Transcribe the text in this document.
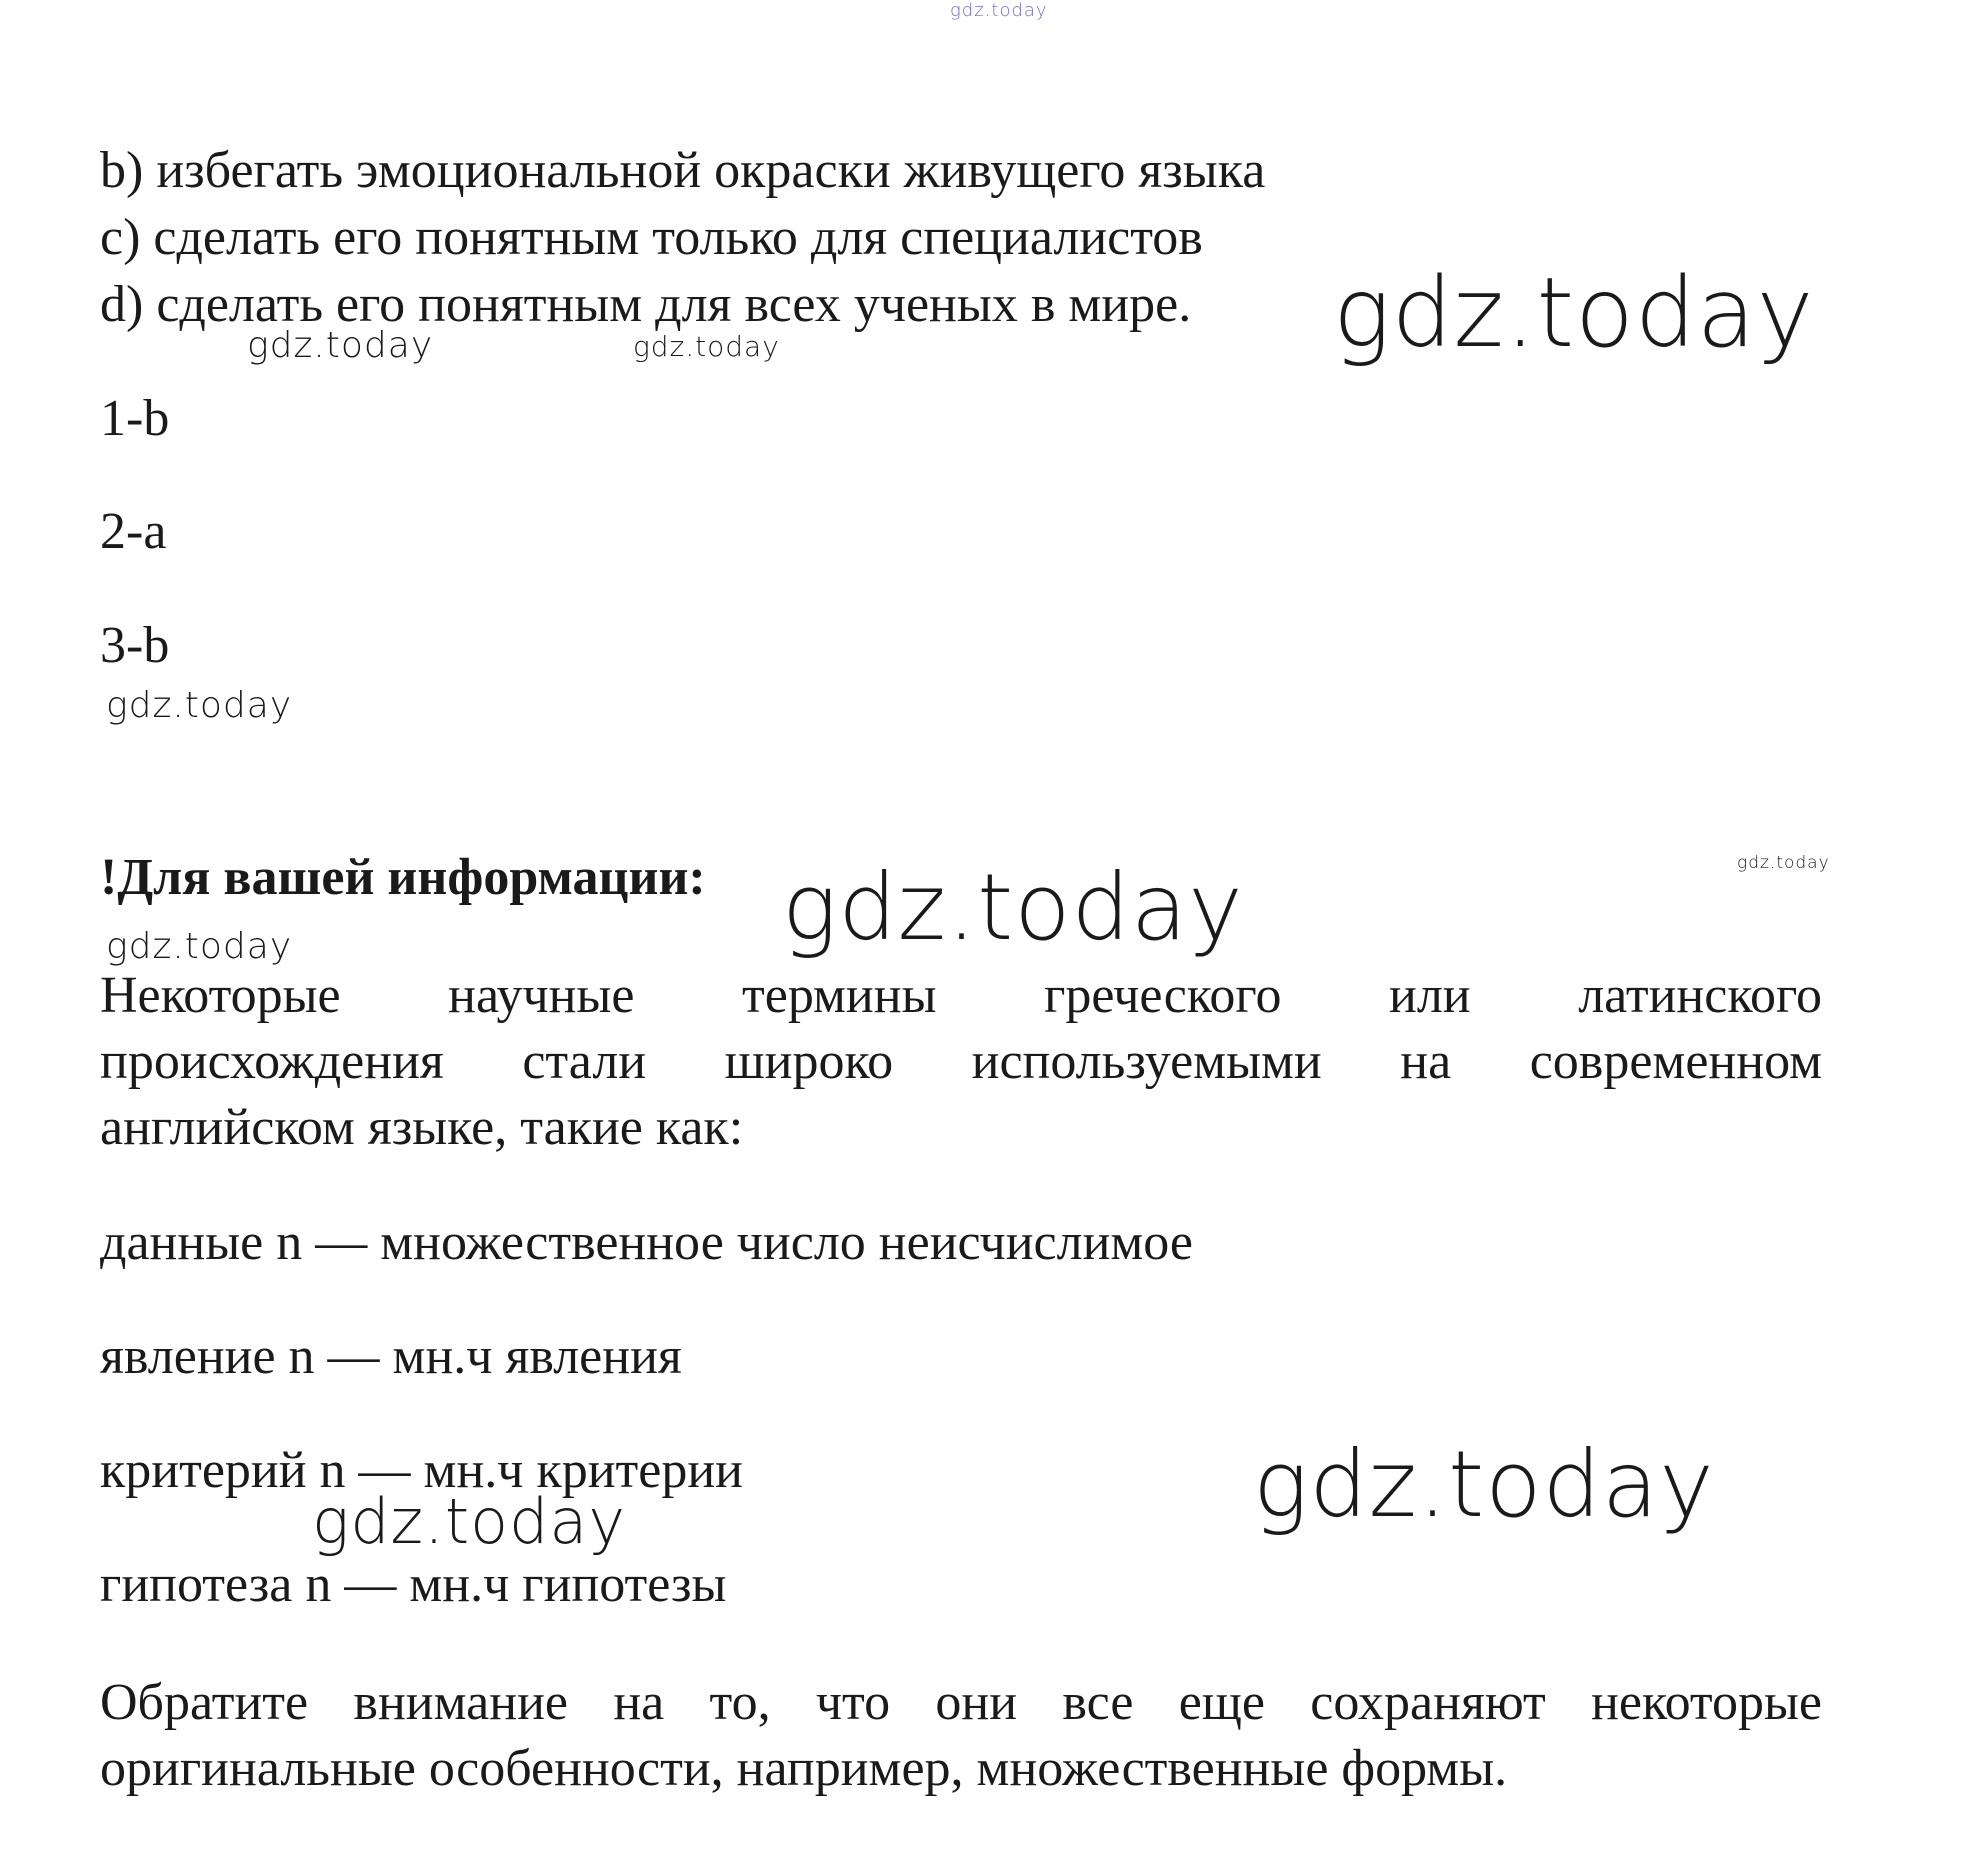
gdz.today
b) избегать эмоциональной окраски живущего языка
c) сделать его понятным только для специалистов
d) сделать его понятным для всех ученых в мире. gdz.today
gdz.today	gdz.today
1-b
2-a
3-b
gdz.today
!Для вашей информации: gdz.today	gdz.today
gdz.today
Некоторые научные термины греческого или латинского
происхождения стали широко используемыми на современном
английском языке, такие как:
данные n — множественное число неисчислимое
явление n — мн.ч явления
критерий n — мн.ч критерии	gdz.today
gdz.today
гипотеза n — мн.ч гипотезы
Обратите внимание на то, что они все еще сохраняют некоторые
оригинальные особенности, например, множественные формы.
